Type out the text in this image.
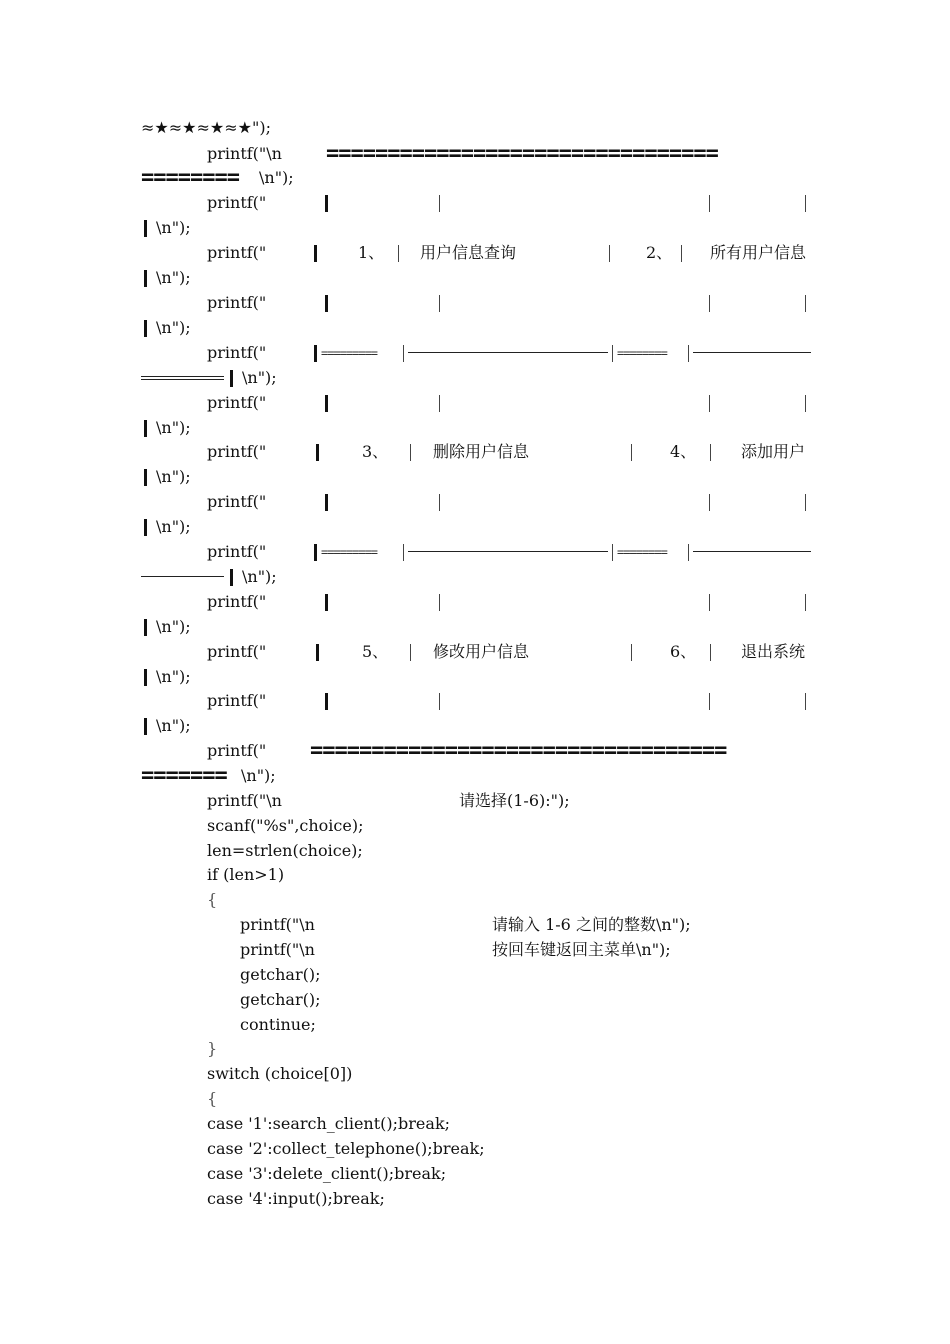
≈★≈★≈★≈★");
printf("\n ================================
========	\n");
printf("
\n");
printf("	1、 用户信息查询	2、 所有用户信息
\n");
printf("
\n");
printf("	=========	========
\n");
printf("
\n");
printf("	3、	删除用户信息	4、	添加用户
\n");
printf("
\n");
printf("	=========	========
\n");
printf("
\n");
printf("	5、	修改用户信息	6、	退出系统
\n");
printf("
\n");
printf(" ==================================
======= \n");
printf("\n	请选择(1-6):");
scanf("%s",choice);
len=strlen(choice);
if (len>1)
{
printf("\n	请输入 1-6 之间的整数\n");
printf("\n	按回车键返回主菜单\n");
getchar();
getchar();
continue;
}
switch (choice[0])
{
case '1':search_client();break;
case '2':collect_telephone();break;
case '3':delete_client();break;
case '4':input();break;
